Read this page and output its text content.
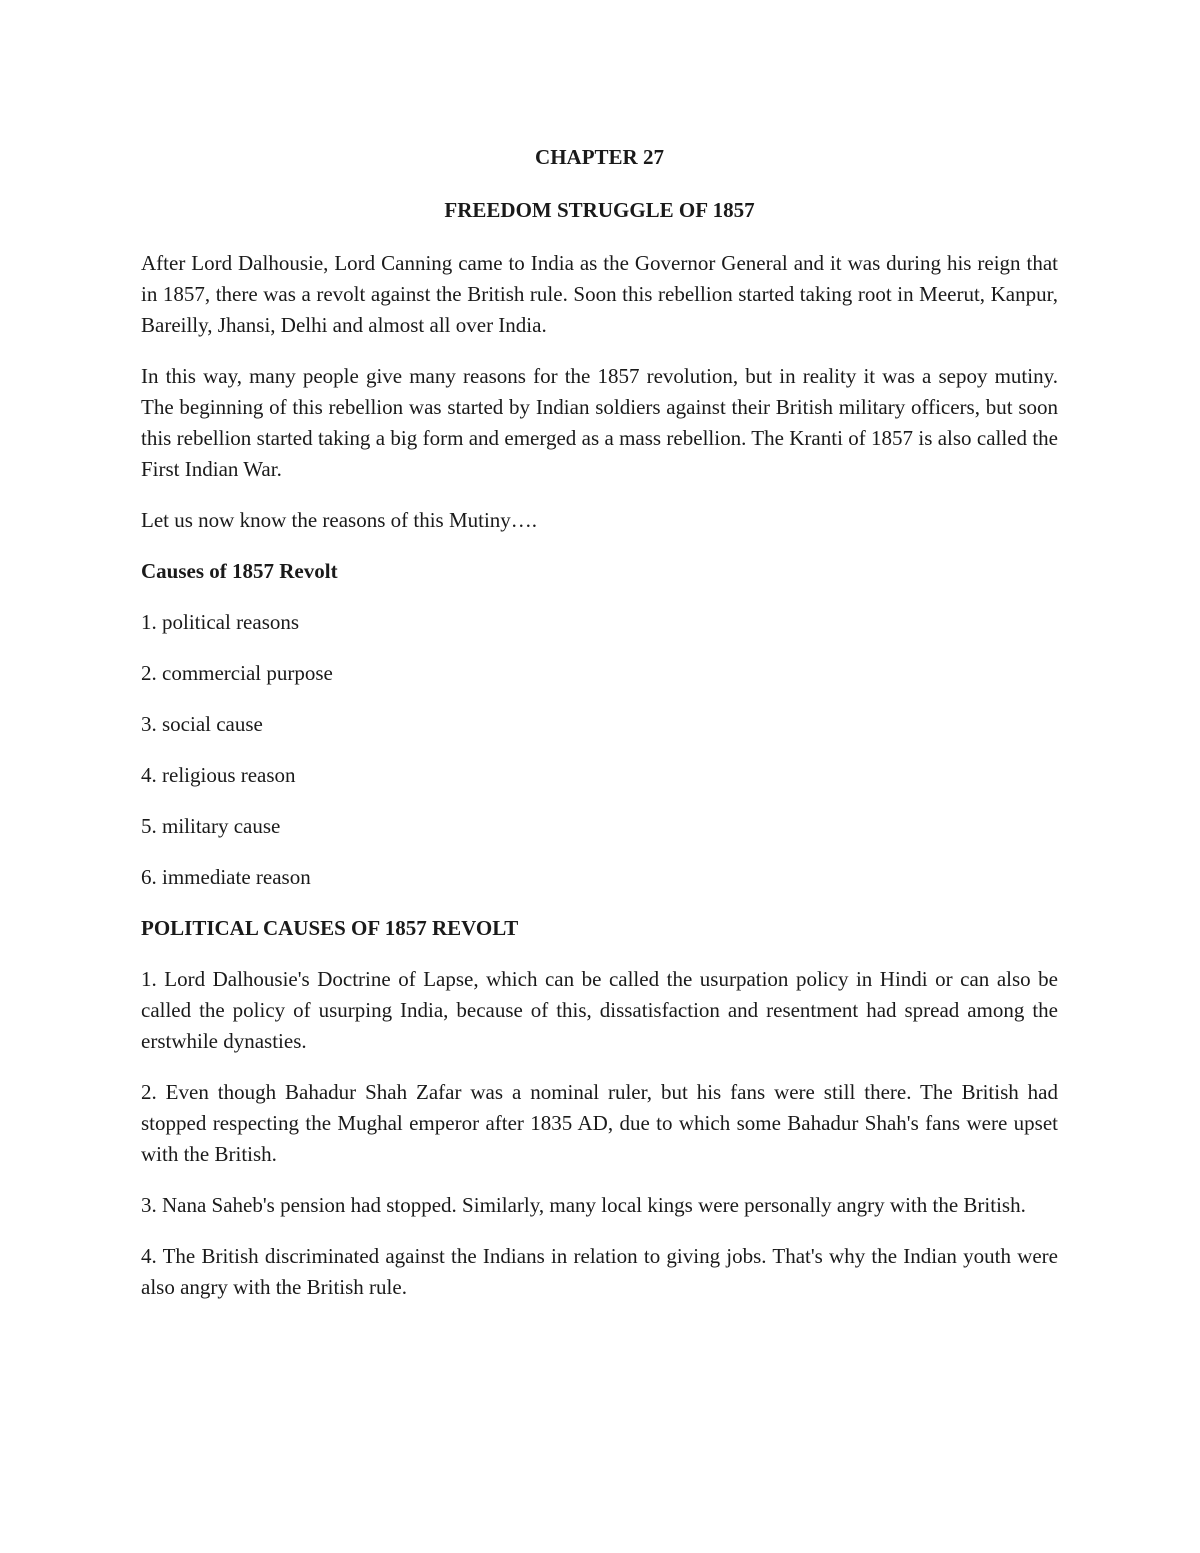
CHAPTER 27
FREEDOM STRUGGLE OF 1857

After Lord Dalhousie, Lord Canning came to India as the Governor General and it was during his reign that in 1857, there was a revolt against the British rule. Soon this rebellion started taking root in Meerut, Kanpur, Bareilly, Jhansi, Delhi and almost all over India.

In this way, many people give many reasons for the 1857 revolution, but in reality it was a sepoy mutiny. The beginning of this rebellion was started by Indian soldiers against their British military officers, but soon this rebellion started taking a big form and emerged as a mass rebellion. The Kranti of 1857 is also called the First Indian War.

Let us now know the reasons of this Mutiny….

Causes of 1857 Revolt
1. political reasons
2. commercial purpose
3. social cause
4. religious reason
5. military cause
6. immediate reason
POLITICAL CAUSES OF 1857 REVOLT

1. Lord Dalhousie's Doctrine of Lapse, which can be called the usurpation policy in Hindi or can also be called the policy of usurping India, because of this, dissatisfaction and resentment had spread among the erstwhile dynasties.

2. Even though Bahadur Shah Zafar was a nominal ruler, but his fans were still there. The British had stopped respecting the Mughal emperor after 1835 AD, due to which some Bahadur Shah's fans were upset with the British.

3. Nana Saheb's pension had stopped. Similarly, many local kings were personally angry with the British.

4. The British discriminated against the Indians in relation to giving jobs. That's why the Indian youth were also angry with the British rule.
